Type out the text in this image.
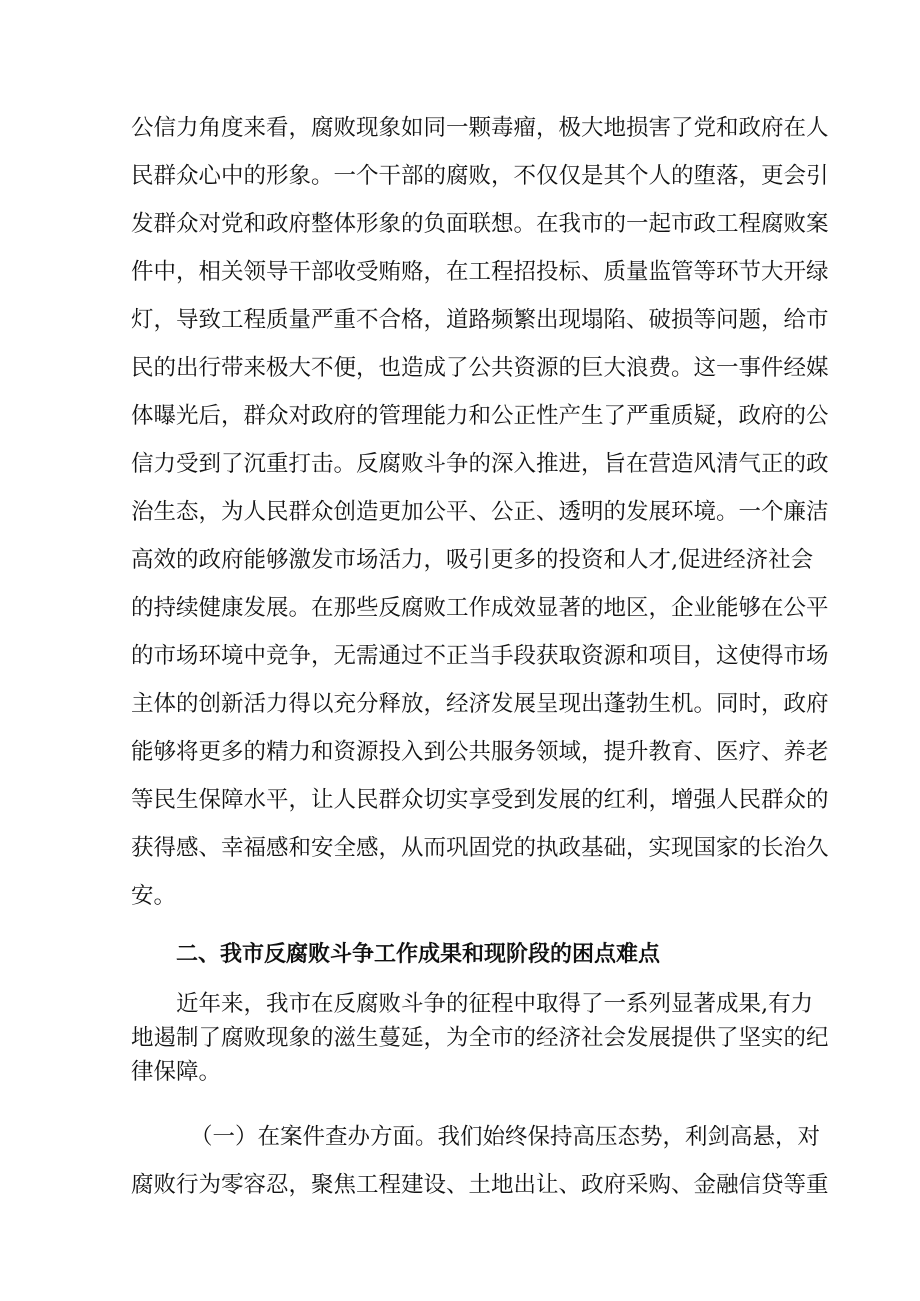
公信力角度来看，腐败现象如同一颗毒瘤，极大地损害了党和政府在人
民群众心中的形象。一个干部的腐败，不仅仅是其个人的堕落，更会引
发群众对党和政府整体形象的负面联想。在我市的一起市政工程腐败案
件中，相关领导干部收受贿赂，在工程招投标、质量监管等环节大开绿
灯，导致工程质量严重不合格，道路频繁出现塌陷、破损等问题，给市
民的出行带来极大不便，也造成了公共资源的巨大浪费。这一事件经媒
体曝光后，群众对政府的管理能力和公正性产生了严重质疑，政府的公
信力受到了沉重打击。反腐败斗争的深入推进，旨在营造风清气正的政
治生态，为人民群众创造更加公平、公正、透明的发展环境。一个廉洁
高效的政府能够激发市场活力，吸引更多的投资和人才,促进经济社会
的持续健康发展。在那些反腐败工作成效显著的地区，企业能够在公平
的市场环境中竞争，无需通过不正当手段获取资源和项目，这使得市场
主体的创新活力得以充分释放，经济发展呈现出蓬勃生机。同时，政府
能够将更多的精力和资源投入到公共服务领域，提升教育、医疗、养老
等民生保障水平，让人民群众切实享受到发展的红利，增强人民群众的
获得感、幸福感和安全感，从而巩固党的执政基础，实现国家的长治久
安。
二、我市反腐败斗争工作成果和现阶段的困点难点
近年来，我市在反腐败斗争的征程中取得了一系列显著成果,有力
地遏制了腐败现象的滋生蔓延，为全市的经济社会发展提供了坚实的纪
律保障。
（一）在案件查办方面。我们始终保持高压态势，利剑高悬，对
腐败行为零容忍，聚焦工程建设、土地出让、政府采购、金融信贷等重
